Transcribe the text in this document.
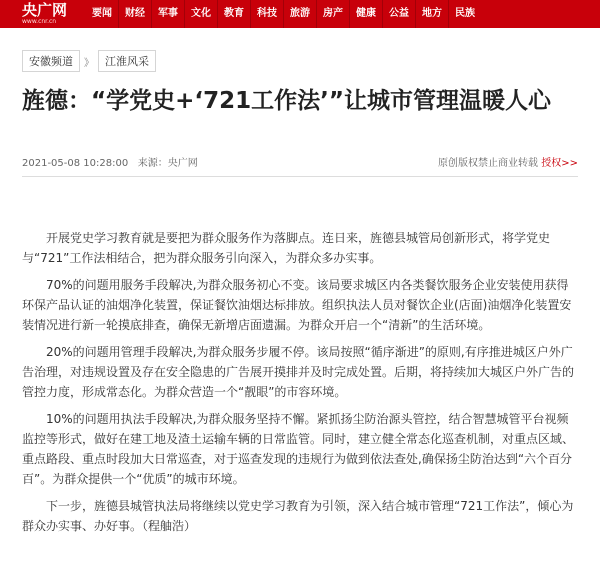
央广网
www.cnr.cn
要闻	财经	军事	文化	教育	科技	旅游	房产	健康	公益	地方	民族
安徽频道	》	江淮风采
旌德：“学党史+‘721工作法’”让城市管理温暖人心
2021-05-08 10:28:00 来源：央广网	原创版权禁止商业转载 授权>>

开展党史学习教育就是要把为群众服务作为落脚点。连日来，旌德县城管局创新形式，将学党史与“721”工作法相结合，把为群众服务引向深入，为群众多办实事。

70%的问题用服务手段解决,为群众服务初心不变。该局要求城区内各类餐饮服务企业安装使用获得环保产品认证的油烟净化装置，保证餐饮油烟达标排放。组织执法人员对餐饮企业(店面)油烟净化装置安装情况进行新一轮摸底排查，确保无新增店面遗漏。为群众开启一个“清新”的生活环境。

20%的问题用管理手段解决,为群众服务步履不停。该局按照“循序渐进”的原则,有序推进城区户外广告治理，对违规设置及存在安全隐患的广告展开摸排并及时完成处置。后期，将持续加大城区户外广告的管控力度，形成常态化。为群众营造一个“靓眼”的市容环境。

10%的问题用执法手段解决,为群众服务坚持不懈。紧抓扬尘防治源头管控，结合智慧城管平台视频监控等形式，做好在建工地及渣土运输车辆的日常监管。同时，建立健全常态化巡查机制，对重点区域、重点路段、重点时段加大日常巡查，对于巡查发现的违规行为做到依法查处,确保扬尘防治达到“六个百分百”。为群众提供一个“优质”的城市环境。

下一步，旌德县城管执法局将继续以党史学习教育为引领，深入结合城市管理“721工作法”，倾心为群众办实事、办好事。（程舳浩）
